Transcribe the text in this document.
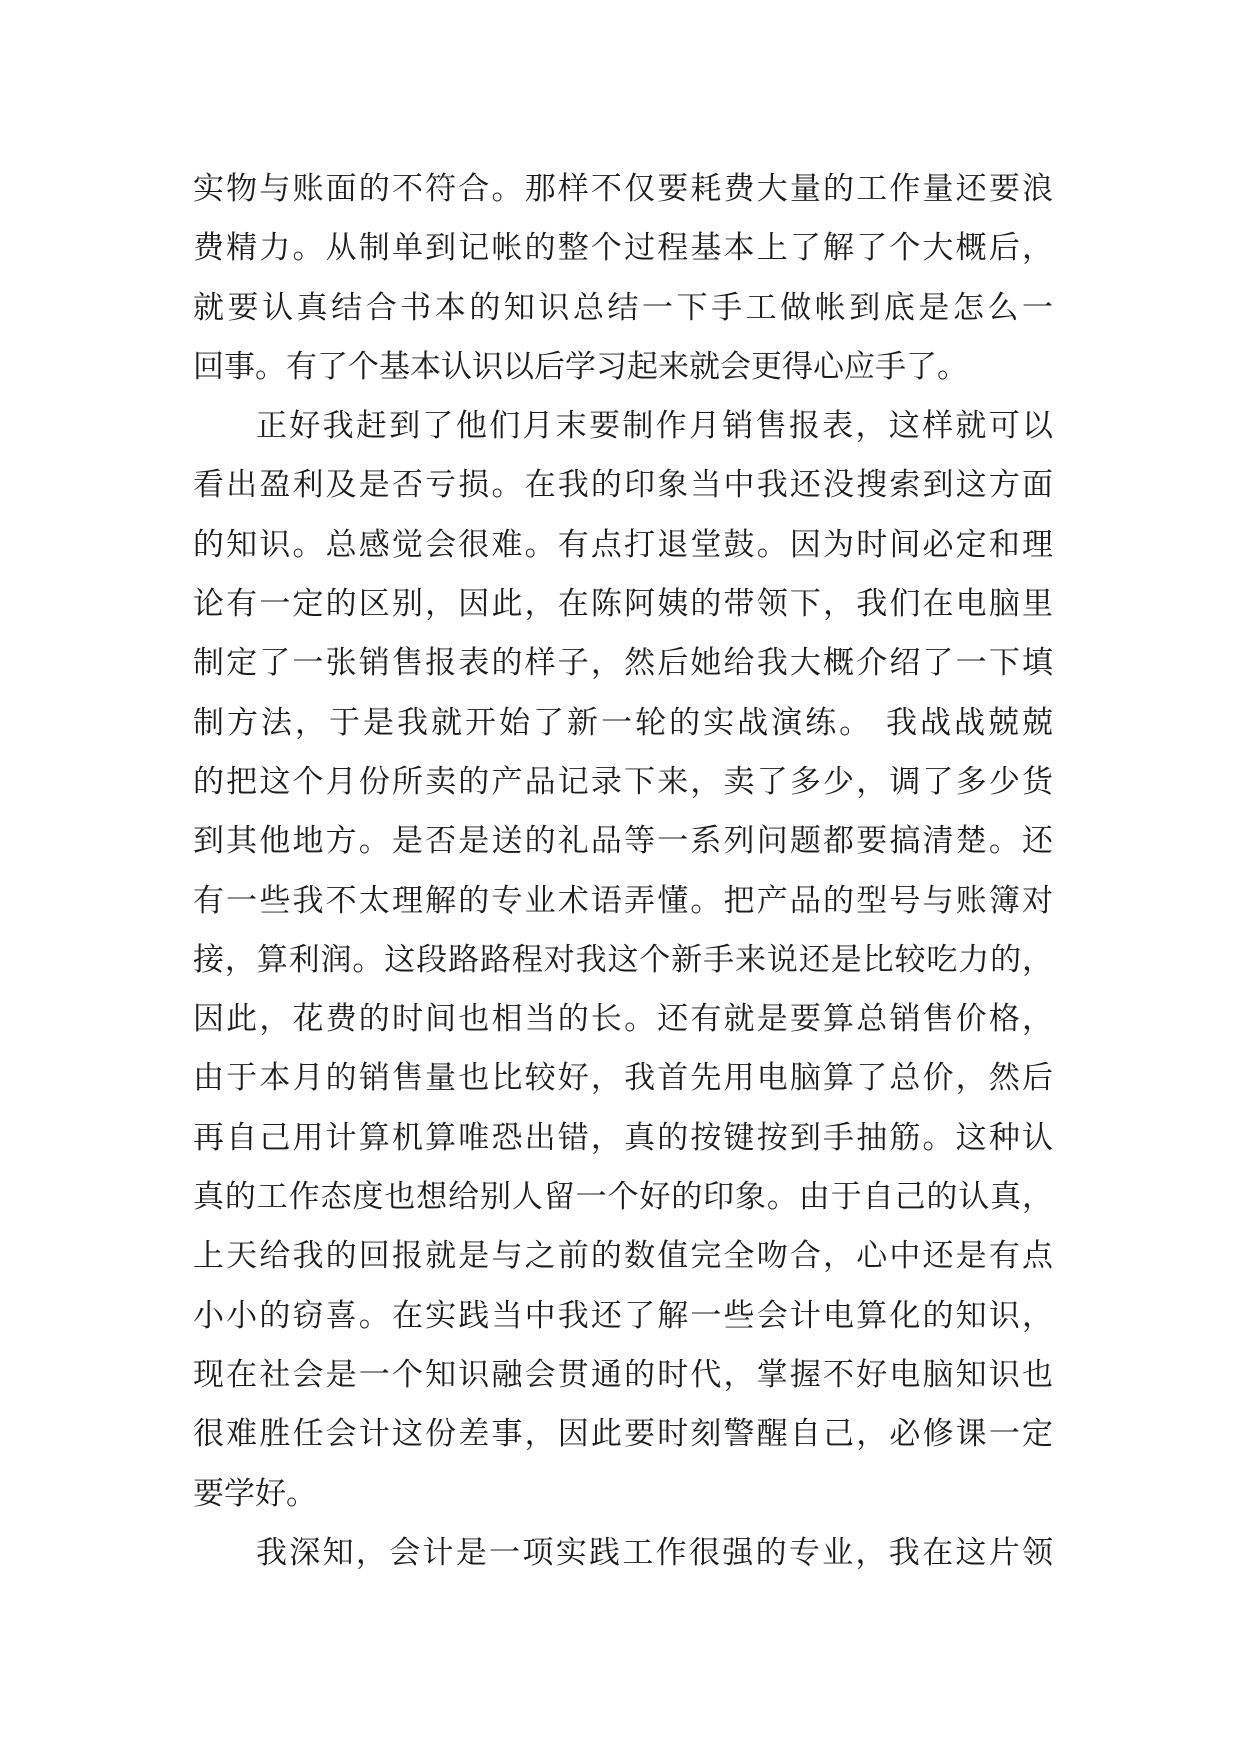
实物与账面的不符合。那样不仅要耗费大量的工作量还要浪
费精力。从制单到记帐的整个过程基本上了解了个大概后，
就要认真结合书本的知识总结一下手工做帐到底是怎么一
回事。有了个基本认识以后学习起来就会更得心应手了。
正好我赶到了他们月末要制作月销售报表，这样就可以
看出盈利及是否亏损。在我的印象当中我还没搜索到这方面
的知识。总感觉会很难。有点打退堂鼓。因为时间必定和理
论有一定的区别，因此，在陈阿姨的带领下，我们在电脑里
制定了一张销售报表的样子，然后她给我大概介绍了一下填
制方法，于是我就开始了新一轮的实战演练。 我战战兢兢
的把这个月份所卖的产品记录下来，卖了多少，调了多少货
到其他地方。是否是送的礼品等一系列问题都要搞清楚。还
有一些我不太理解的专业术语弄懂。把产品的型号与账簿对
接，算利润。这段路路程对我这个新手来说还是比较吃力的，
因此，花费的时间也相当的长。还有就是要算总销售价格，
由于本月的销售量也比较好，我首先用电脑算了总价，然后
再自己用计算机算唯恐出错，真的按键按到手抽筋。这种认
真的工作态度也想给别人留一个好的印象。由于自己的认真，
上天给我的回报就是与之前的数值完全吻合，心中还是有点
小小的窃喜。在实践当中我还了解一些会计电算化的知识，
现在社会是一个知识融会贯通的时代，掌握不好电脑知识也
很难胜任会计这份差事，因此要时刻警醒自己，必修课一定
要学好。
我深知，会计是一项实践工作很强的专业，我在这片领
